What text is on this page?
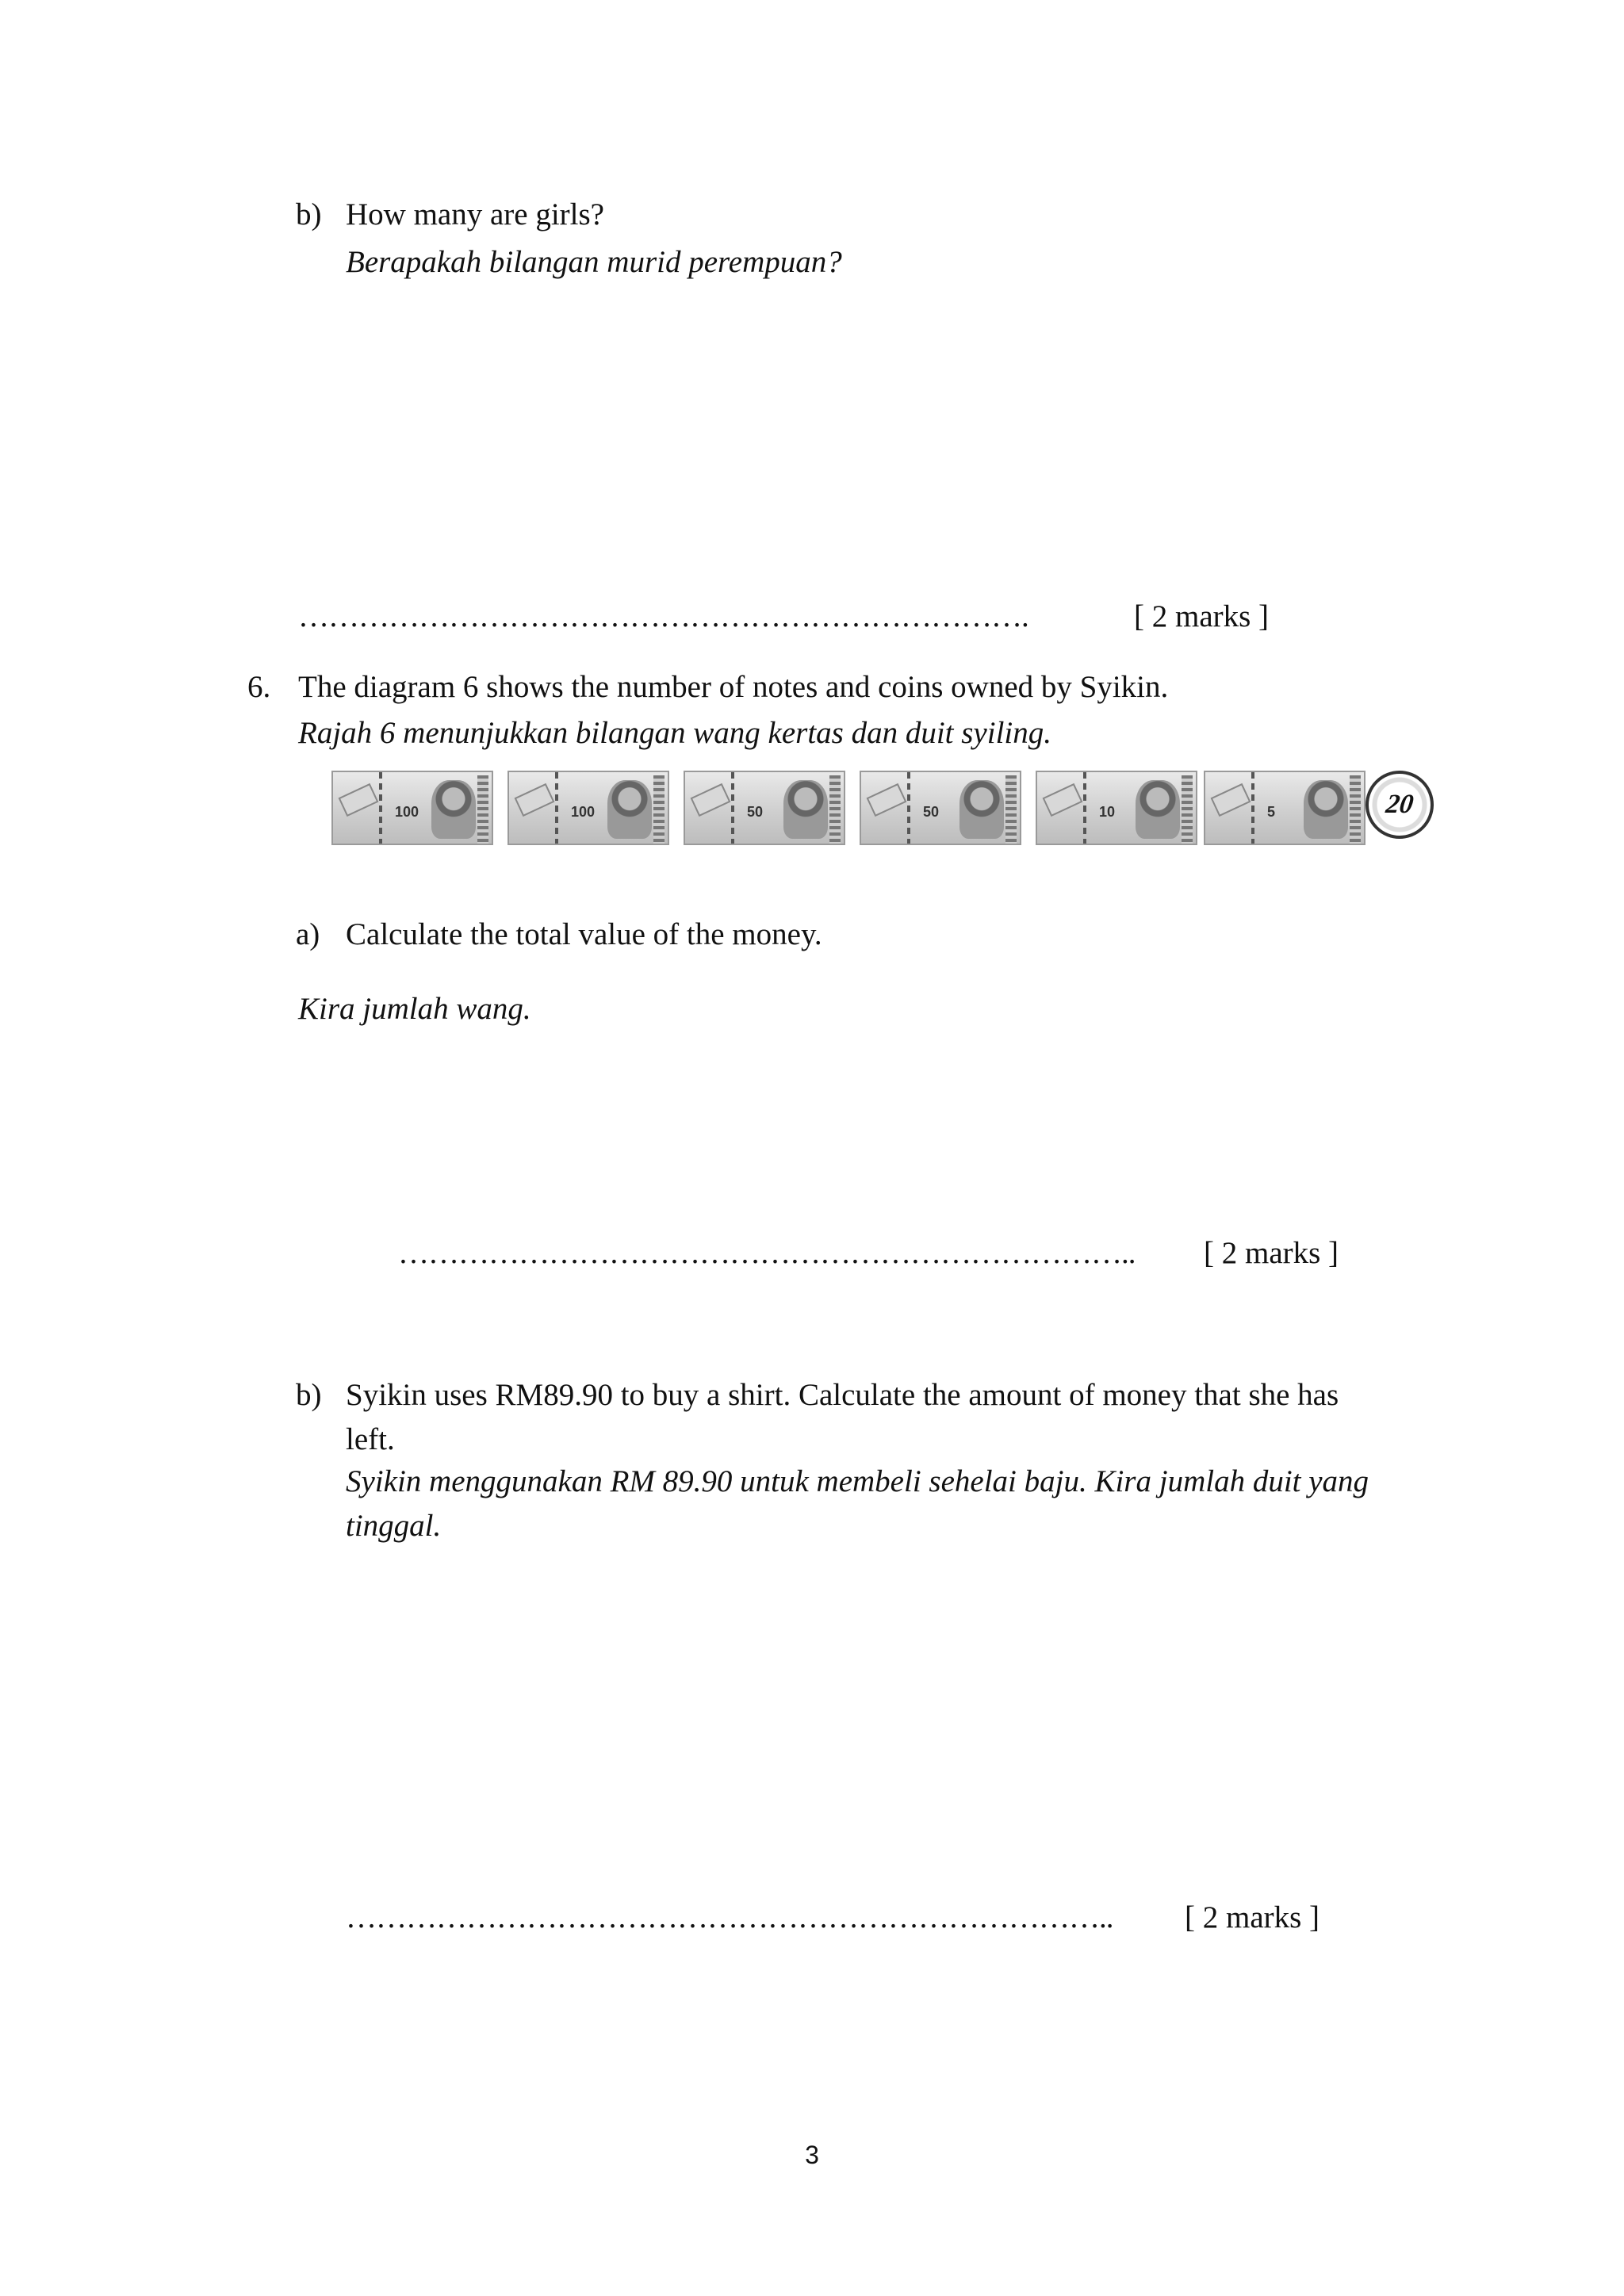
b) How many are girls?
Berapakah bilangan murid perempuan?
……………………………………………………………….	[ 2 marks ]
6. The diagram 6 shows the number of notes and coins owned by Syikin.
Rajah 6 menunjukkan bilangan wang kertas dan duit syiling.
100	100	50	50	10	5	20
a) Calculate the total value of the money.
Kira jumlah wang.
……………………………………………………………….. [ 2 marks ]
b) Syikin uses RM89.90 to buy a shirt. Calculate the amount of money that she has
left.
Syikin menggunakan RM 89.90 untuk membeli sehelai baju. Kira jumlah duit yang
tinggal.
………………………………………………………………….. [ 2 marks ]
3
